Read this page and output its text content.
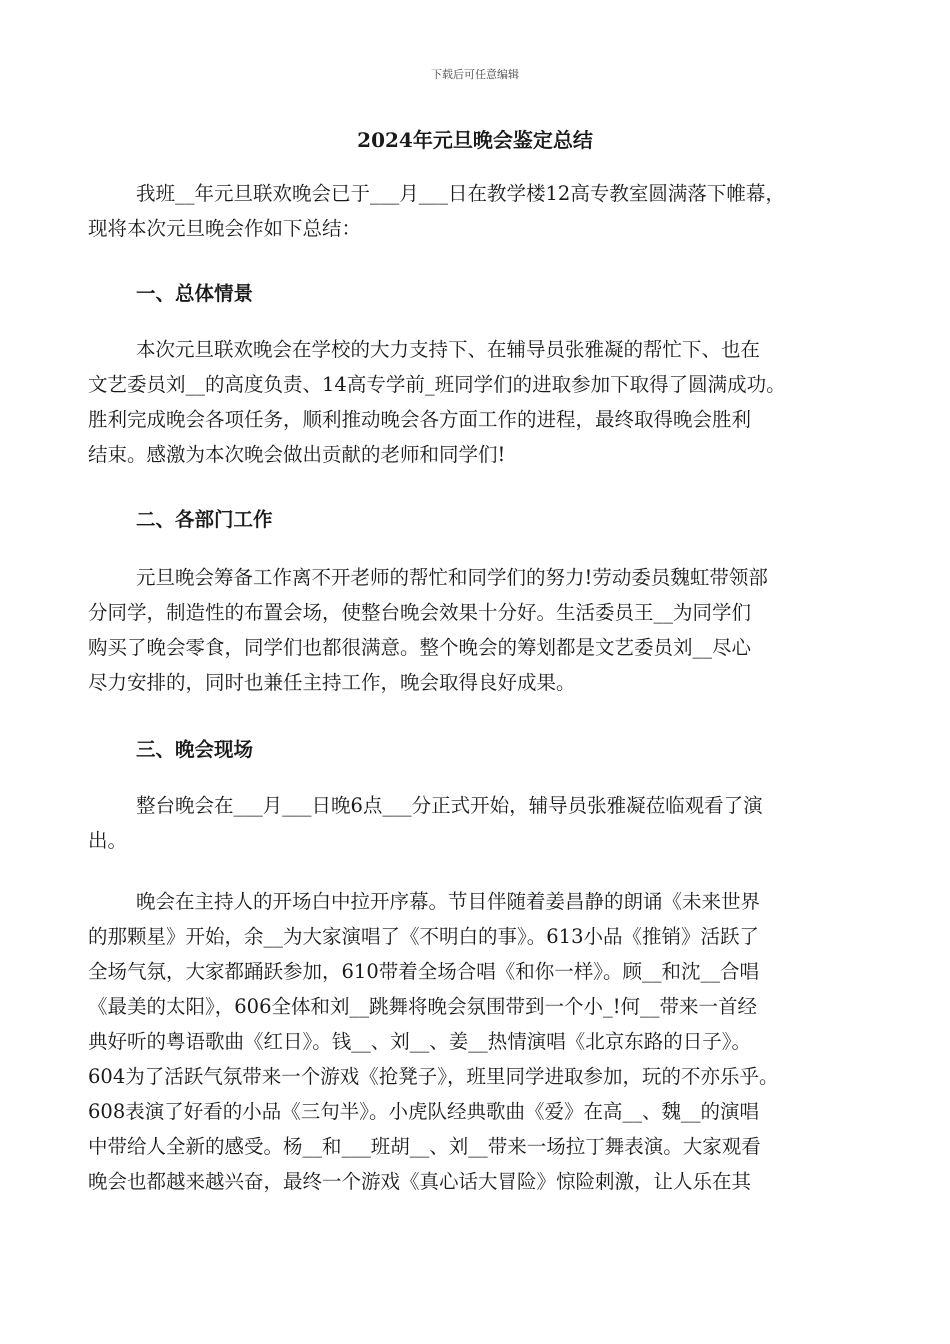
下载后可任意编辑
2024年元旦晚会鉴定总结

我班__年元旦联欢晚会已于___月___日在教学楼12高专教室圆满落下帷幕，
现将本次元旦晚会作如下总结：

一、总体情景

本次元旦联欢晚会在学校的大力支持下、在辅导员张雅凝的帮忙下、也在
文艺委员刘__的高度负责、14高专学前_班同学们的进取参加下取得了圆满成功。
胜利完成晚会各项任务，顺利推动晚会各方面工作的进程，最终取得晚会胜利
结束。感激为本次晚会做出贡献的老师和同学们!

二、各部门工作

元旦晚会筹备工作离不开老师的帮忙和同学们的努力!劳动委员魏虹带领部
分同学，制造性的布置会场，使整台晚会效果十分好。生活委员王__为同学们
购买了晚会零食，同学们也都很满意。整个晚会的筹划都是文艺委员刘__尽心
尽力安排的，同时也兼任主持工作，晚会取得良好成果。

三、晚会现场

整台晚会在___月___日晚6点___分正式开始，辅导员张雅凝莅临观看了演
出。

晚会在主持人的开场白中拉开序幕。节目伴随着姜昌静的朗诵《未来世界
的那颗星》开始，余__为大家演唱了《不明白的事》。613小品《推销》活跃了
全场气氛，大家都踊跃参加，610带着全场合唱《和你一样》。顾__和沈__合唱
《最美的太阳》，606全体和刘__跳舞将晚会氛围带到一个小_!何__带来一首经
典好听的粤语歌曲《红日》。钱__、刘__、姜__热情演唱《北京东路的日子》。
604为了活跃气氛带来一个游戏《抢凳子》，班里同学进取参加，玩的不亦乐乎。
608表演了好看的小品《三句半》。小虎队经典歌曲《爱》在高__、魏__的演唱
中带给人全新的感受。杨__和___班胡__、刘__带来一场拉丁舞表演。大家观看
晚会也都越来越兴奋，最终一个游戏《真心话大冒险》惊险刺激，让人乐在其
